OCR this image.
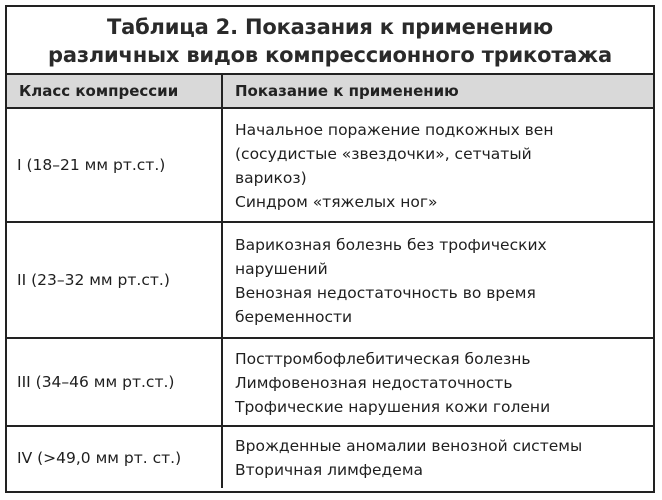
Таблица 2. Показания к применению
различных видов компрессионного трикотажа
Класс компрессии	Показание к применению
I (18–21 мм рт.ст.)	Начальное поражение подкожных вен
(сосудистые «звездочки», сетчатый
варикоз)
Синдром «тяжелых ног»

II (23–32 мм рт.ст.)	Варикозная болезнь без трофических
нарушений
Венозная недостаточность во время
беременности

III (34–46 мм рт.ст.)	Посттромбофлебитическая болезнь
Лимфовенозная недостаточность
Трофические нарушения кожи голени

IV (>49,0 мм рт. ст.)	Врожденные аномалии венозной системы
Вторичная лимфедема
